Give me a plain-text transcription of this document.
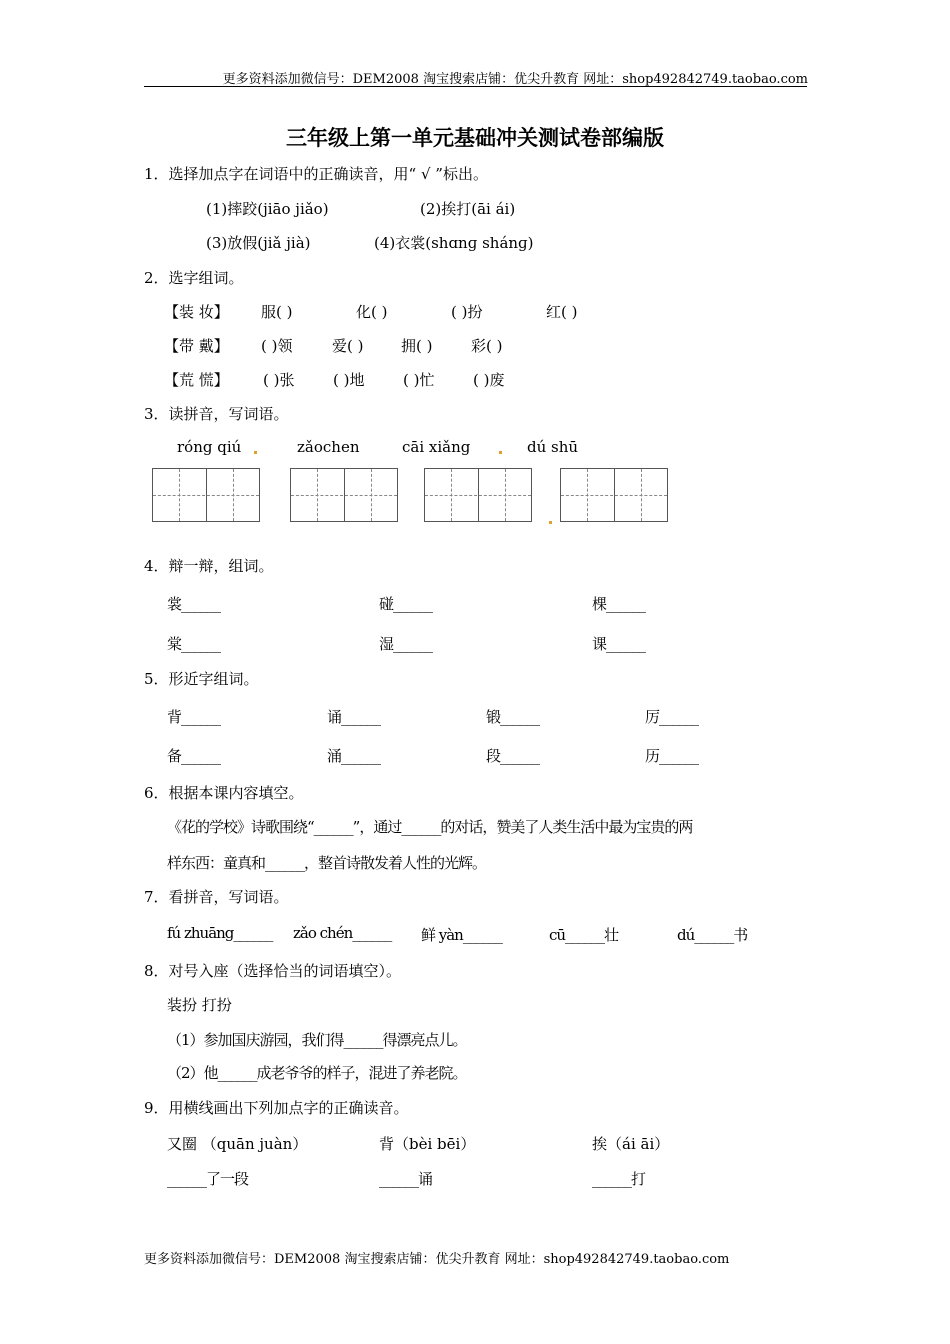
更多资料添加微信号：DEM2008 淘宝搜索店铺：优尖升教育 网址：shop492842749.taobao.com
三年级上第一单元基础冲关测试卷部编版
1．选择加点字在词语中的正确读音，用“ √ ”标出。
(1)摔跤(jiāo jiǎo)	(2)挨打(āi ái)
(3)放假(jiǎ jià)	(4)衣裳(shɑnɡ shánɡ)
2．选字组词。
【装 妆】 服( )	化( )	( )扮	红( )
【带 戴】 ( )领	爱( )	拥( )	彩( )
【荒 慌】 ( )张	( )地	( )忙	( )废
3．读拼音，写词语。
róng qiú	zǎochen	cāi xiǎng	dú shū
4．辩一辩，组词。
裳______	碰______	棵______
棠______	湿______	课______
5．形近字组词。
背______	诵______	锻______	厉______
备______	涌______	段______	历______
6．根据本课内容填空。
《花的学校》诗歌围绕“______”，通过______的对话，赞美了人类生活中最为宝贵的两
样东西：童真和______，整首诗散发着人性的光辉。
7．看拼音，写词语。
fú zhuāng______ zǎo chén______ 鲜 yàn______	cū______壮	dú______书
8．对号入座（选择恰当的词语填空）。
装扮 打扮
（1）参加国庆游园，我们得______得漂亮点儿。
（2）他______成老爷爷的样子，混进了养老院。
9．用横线画出下列加点字的正确读音。
又圈 （quān juàn）	背（bèi bēi）	挨（ái āi）
______了一段	______诵	______打
更多资料添加微信号：DEM2008 淘宝搜索店铺：优尖升教育 网址：shop492842749.taobao.com
